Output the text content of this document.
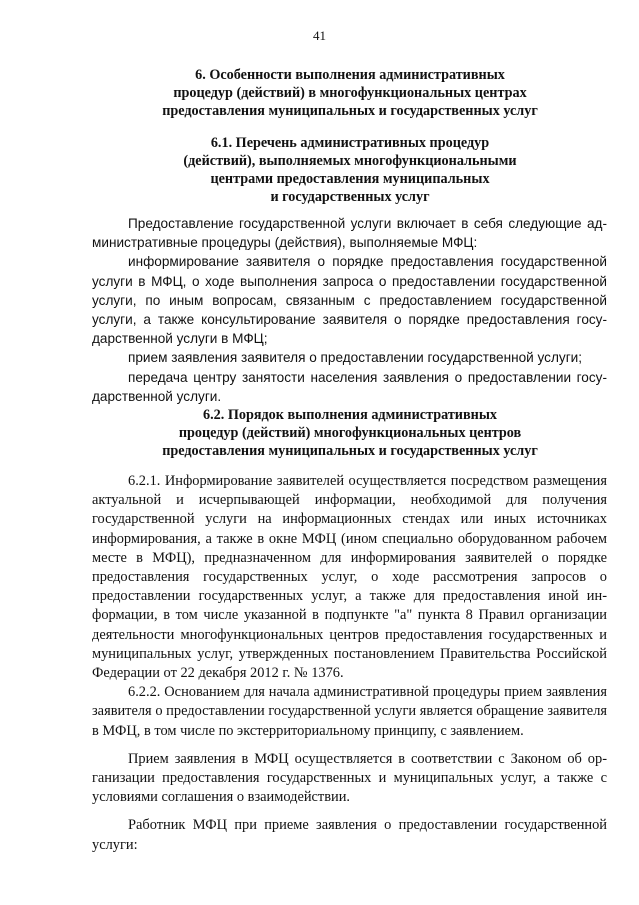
41
6. Особенности выполнения административных
процедур (действий) в многофункциональных центрах
предоставления муниципальных и государственных услуг
6.1. Перечень административных процедур
(действий), выполняемых многофункциональными
центрами предоставления муниципальных
и государственных услуг

Предоставление государственной услуги включает в себя следующие административные процедуры (действия), выполняемые МФЦ:

информирование заявителя о порядке предоставления государственной услуги в МФЦ, о ходе выполнения запроса о предоставлении государственной услуги, по иным вопросам, связанным с предоставлением государственной услуги, а также консультирование заявителя о порядке предоставления государственной услуги в МФЦ;

прием заявления заявителя о предоставлении государственной услуги;

передача центру занятости населения заявления о предоставлении государственной услуги.

6.2. Порядок выполнения административных
процедур (действий) многофункциональных центров
предоставления муниципальных и государственных услуг

6.2.1. Информирование заявителей осуществляется посредством размещения актуальной и исчерпывающей информации, необходимой для получения государственной услуги на информационных стендах или иных источниках информирования, а также в окне МФЦ (ином специально оборудованном рабочем месте в МФЦ), предназначенном для информирования заявителей о порядке предоставления государственных услуг, о ходе рассмотрения запросов о предоставлении государственных услуг, а также для предоставления иной информации, в том числе указанной в подпункте "а" пункта 8 Правил организации деятельности многофункциональных центров предоставления государственных и муниципальных услуг, утвержденных постановлением Правительства Российской Федерации от 22 декабря 2012 г. № 1376.

6.2.2. Основанием для начала административной процедуры прием заявления заявителя о предоставлении государственной услуги является обращение заявителя в МФЦ, в том числе по экстерриториальному принципу, с заявлением.

Прием заявления в МФЦ осуществляется в соответствии с Законом об организации предоставления государственных и муниципальных услуг, а также с условиями соглашения о взаимодействии.

Работник МФЦ при приеме заявления о предоставлении государственной услуги:
